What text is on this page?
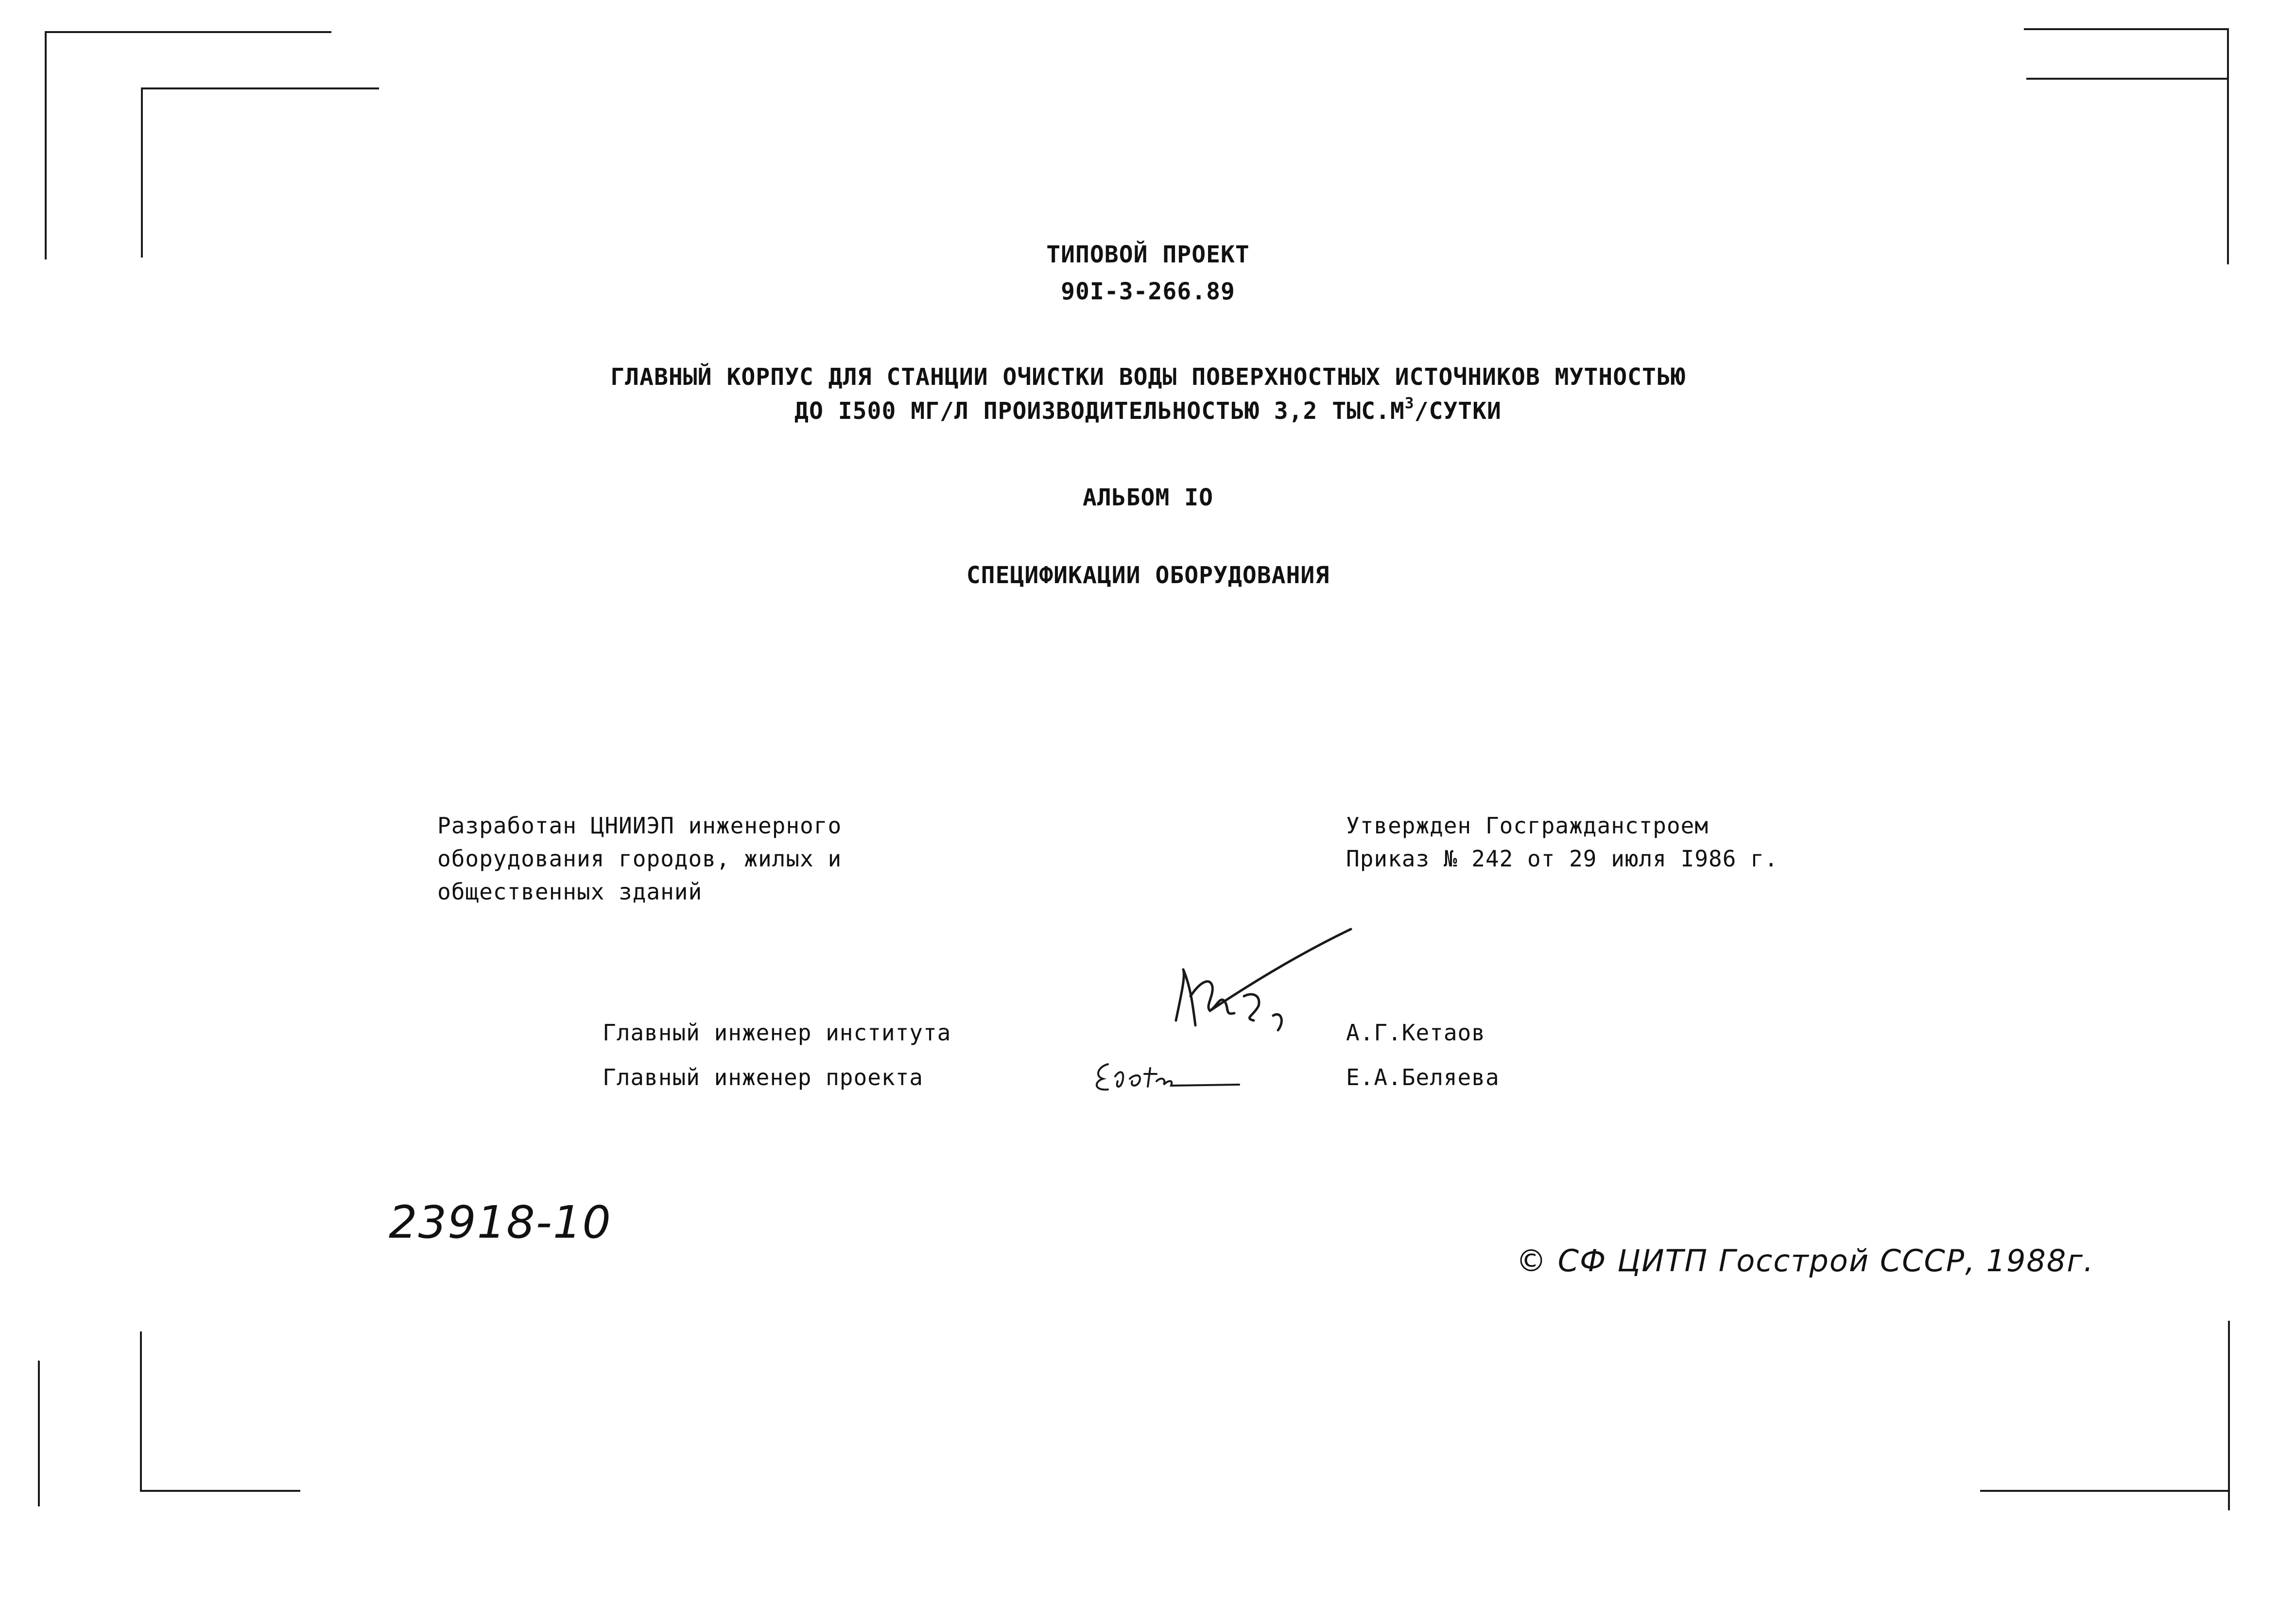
ТИПОВОЙ ПРОЕКТ
90I-3-266.89
ГЛАВНЫЙ КОРПУС ДЛЯ СТАНЦИИ ОЧИСТКИ ВОДЫ ПОВЕРХНОСТНЫХ ИСТОЧНИКОВ МУТНОСТЬЮ
ДО I500 МГ/Л ПРОИЗВОДИТЕЛЬНОСТЬЮ 3,2 $ТЫС.М^3$/СУТКИ
АЛЬБОМ IO
СПЕЦИФИКАЦИИ ОБОРУДОВАНИЯ
Разработан ЦНИИЭП инженерного
оборудования городов, жилых и
общественных зданий
Утвержден Госгражданстроем
Приказ № 242 от 29 июля I986 г.
Главный инженер института	А.Г.Кетаов
Главный инженер проекта	Е.А.Беляева
23918-10
© СФ ЦИТП Госстрой СССР, 1988г.
